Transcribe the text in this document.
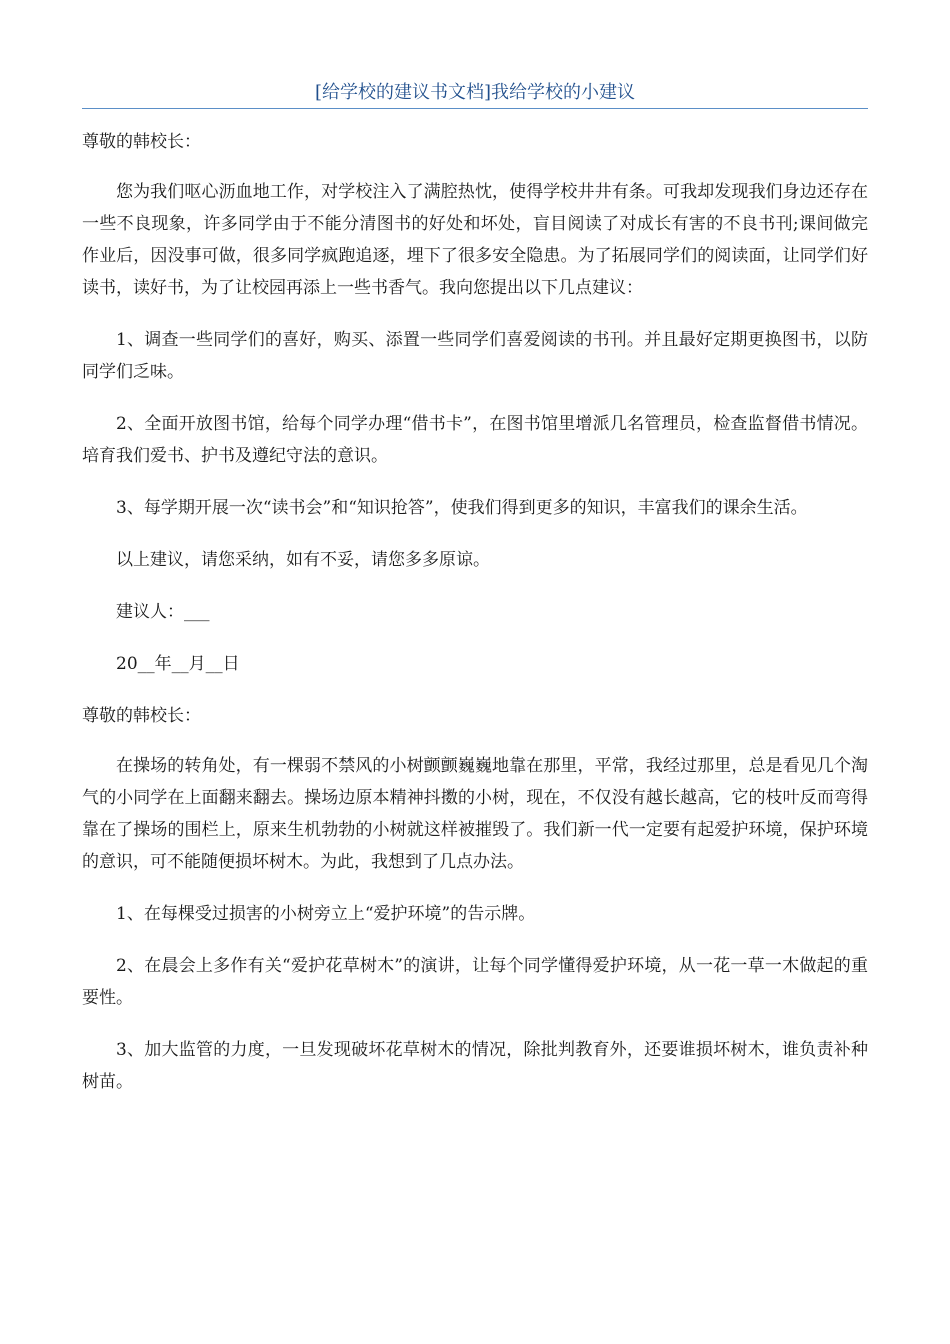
[给学校的建议书文档]我给学校的小建议

尊敬的韩校长：

您为我们呕心沥血地工作，对学校注入了满腔热忱，使得学校井井有条。可我却发现我们身边还存在一些不良现象，许多同学由于不能分清图书的好处和坏处，盲目阅读了对成长有害的不良书刊;课间做完作业后，因没事可做，很多同学疯跑追逐，埋下了很多安全隐患。为了拓展同学们的阅读面，让同学们好读书，读好书，为了让校园再添上一些书香气。我向您提出以下几点建议：

1、调查一些同学们的喜好，购买、添置一些同学们喜爱阅读的书刊。并且最好定期更换图书，以防同学们乏味。

2、全面开放图书馆，给每个同学办理“借书卡”，在图书馆里增派几名管理员，检查监督借书情况。培育我们爱书、护书及遵纪守法的意识。

3、每学期开展一次“读书会”和“知识抢答”，使我们得到更多的知识，丰富我们的课余生活。

以上建议，请您采纳，如有不妥，请您多多原谅。

建议人：___

20__年__月__日

尊敬的韩校长：

在操场的转角处，有一棵弱不禁风的小树颤颤巍巍地靠在那里，平常，我经过那里，总是看见几个淘气的小同学在上面翻来翻去。操场边原本精神抖擞的小树，现在，不仅没有越长越高，它的枝叶反而弯得靠在了操场的围栏上，原来生机勃勃的小树就这样被摧毁了。我们新一代一定要有起爱护环境，保护环境的意识，可不能随便损坏树木。为此，我想到了几点办法。

1、在每棵受过损害的小树旁立上“爱护环境”的告示牌。

2、在晨会上多作有关“爱护花草树木”的演讲，让每个同学懂得爱护环境，从一花一草一木做起的重要性。

3、加大监管的力度，一旦发现破坏花草树木的情况，除批判教育外，还要谁损坏树木，谁负责补种树苗。
